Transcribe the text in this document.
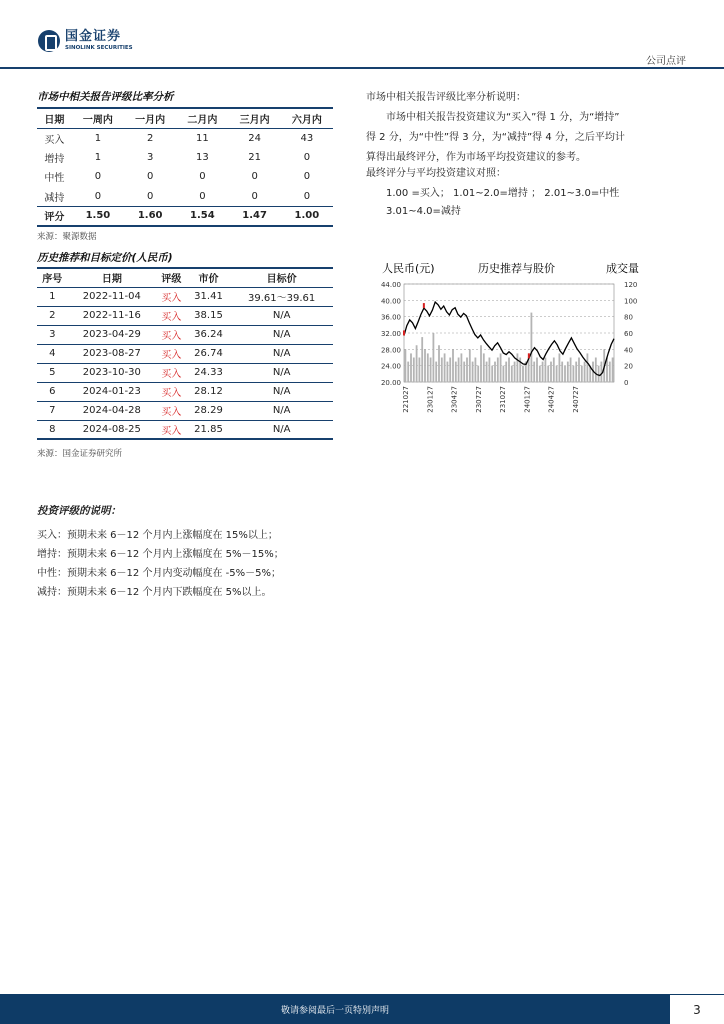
国金证券
SINOLINK SECURITIES
公司点评
市场中相关报告评级比率分析
日期	一周内	一月内	二月内	三月内	六月内
买入	1	2	11	24	43
增持	1	3	13	21	0
中性	0	0	0	0	0
减持	0	0	0	0	0
评分	1.50	1.60	1.54	1.47	1.00
来源：聚源数据
市场中相关报告评级比率分析说明：
市场中相关报告投资建议为“买入”得 1 分，为“增持”
得 2 分，为“中性”得 3 分，为“减持”得 4 分，之后平均计
算得出最终评分，作为市场平均投资建议的参考。
最终评分与平均投资建议对照：
1.00 =买入； 1.01~2.0=增持 ； 2.01~3.0=中性
3.01~4.0=减持
历史推荐和目标定价(人民币)
序号	日期	评级	市价	目标价
1	2022-11-04	买入	31.41	39.61～39.61
2	2022-11-16	买入	38.15	N/A
3	2023-04-29	买入	36.24	N/A
4	2023-08-27	买入	26.74	N/A
5	2023-10-30	买入	24.33	N/A
6	2024-01-23	买入	28.12	N/A
7	2024-04-28	买入	28.29	N/A
8	2024-08-25	买入	21.85	N/A
来源：国金证券研究所
人民币(元)	历史推荐与股价	成交量
44.00
40.00
36.00
32.00
28.00
24.00
20.00
120
100
80
60
40
20
0
221027 230127 230427 230727 231027 240127 240427 240727
投资评级的说明：
买入：预期未来 6－12 个月内上涨幅度在 15%以上；
增持：预期未来 6－12 个月内上涨幅度在 5%－15%；
中性：预期未来 6－12 个月内变动幅度在 -5%－5%；
减持：预期未来 6－12 个月内下跌幅度在 5%以上。
敬请参阅最后一页特别声明	3
